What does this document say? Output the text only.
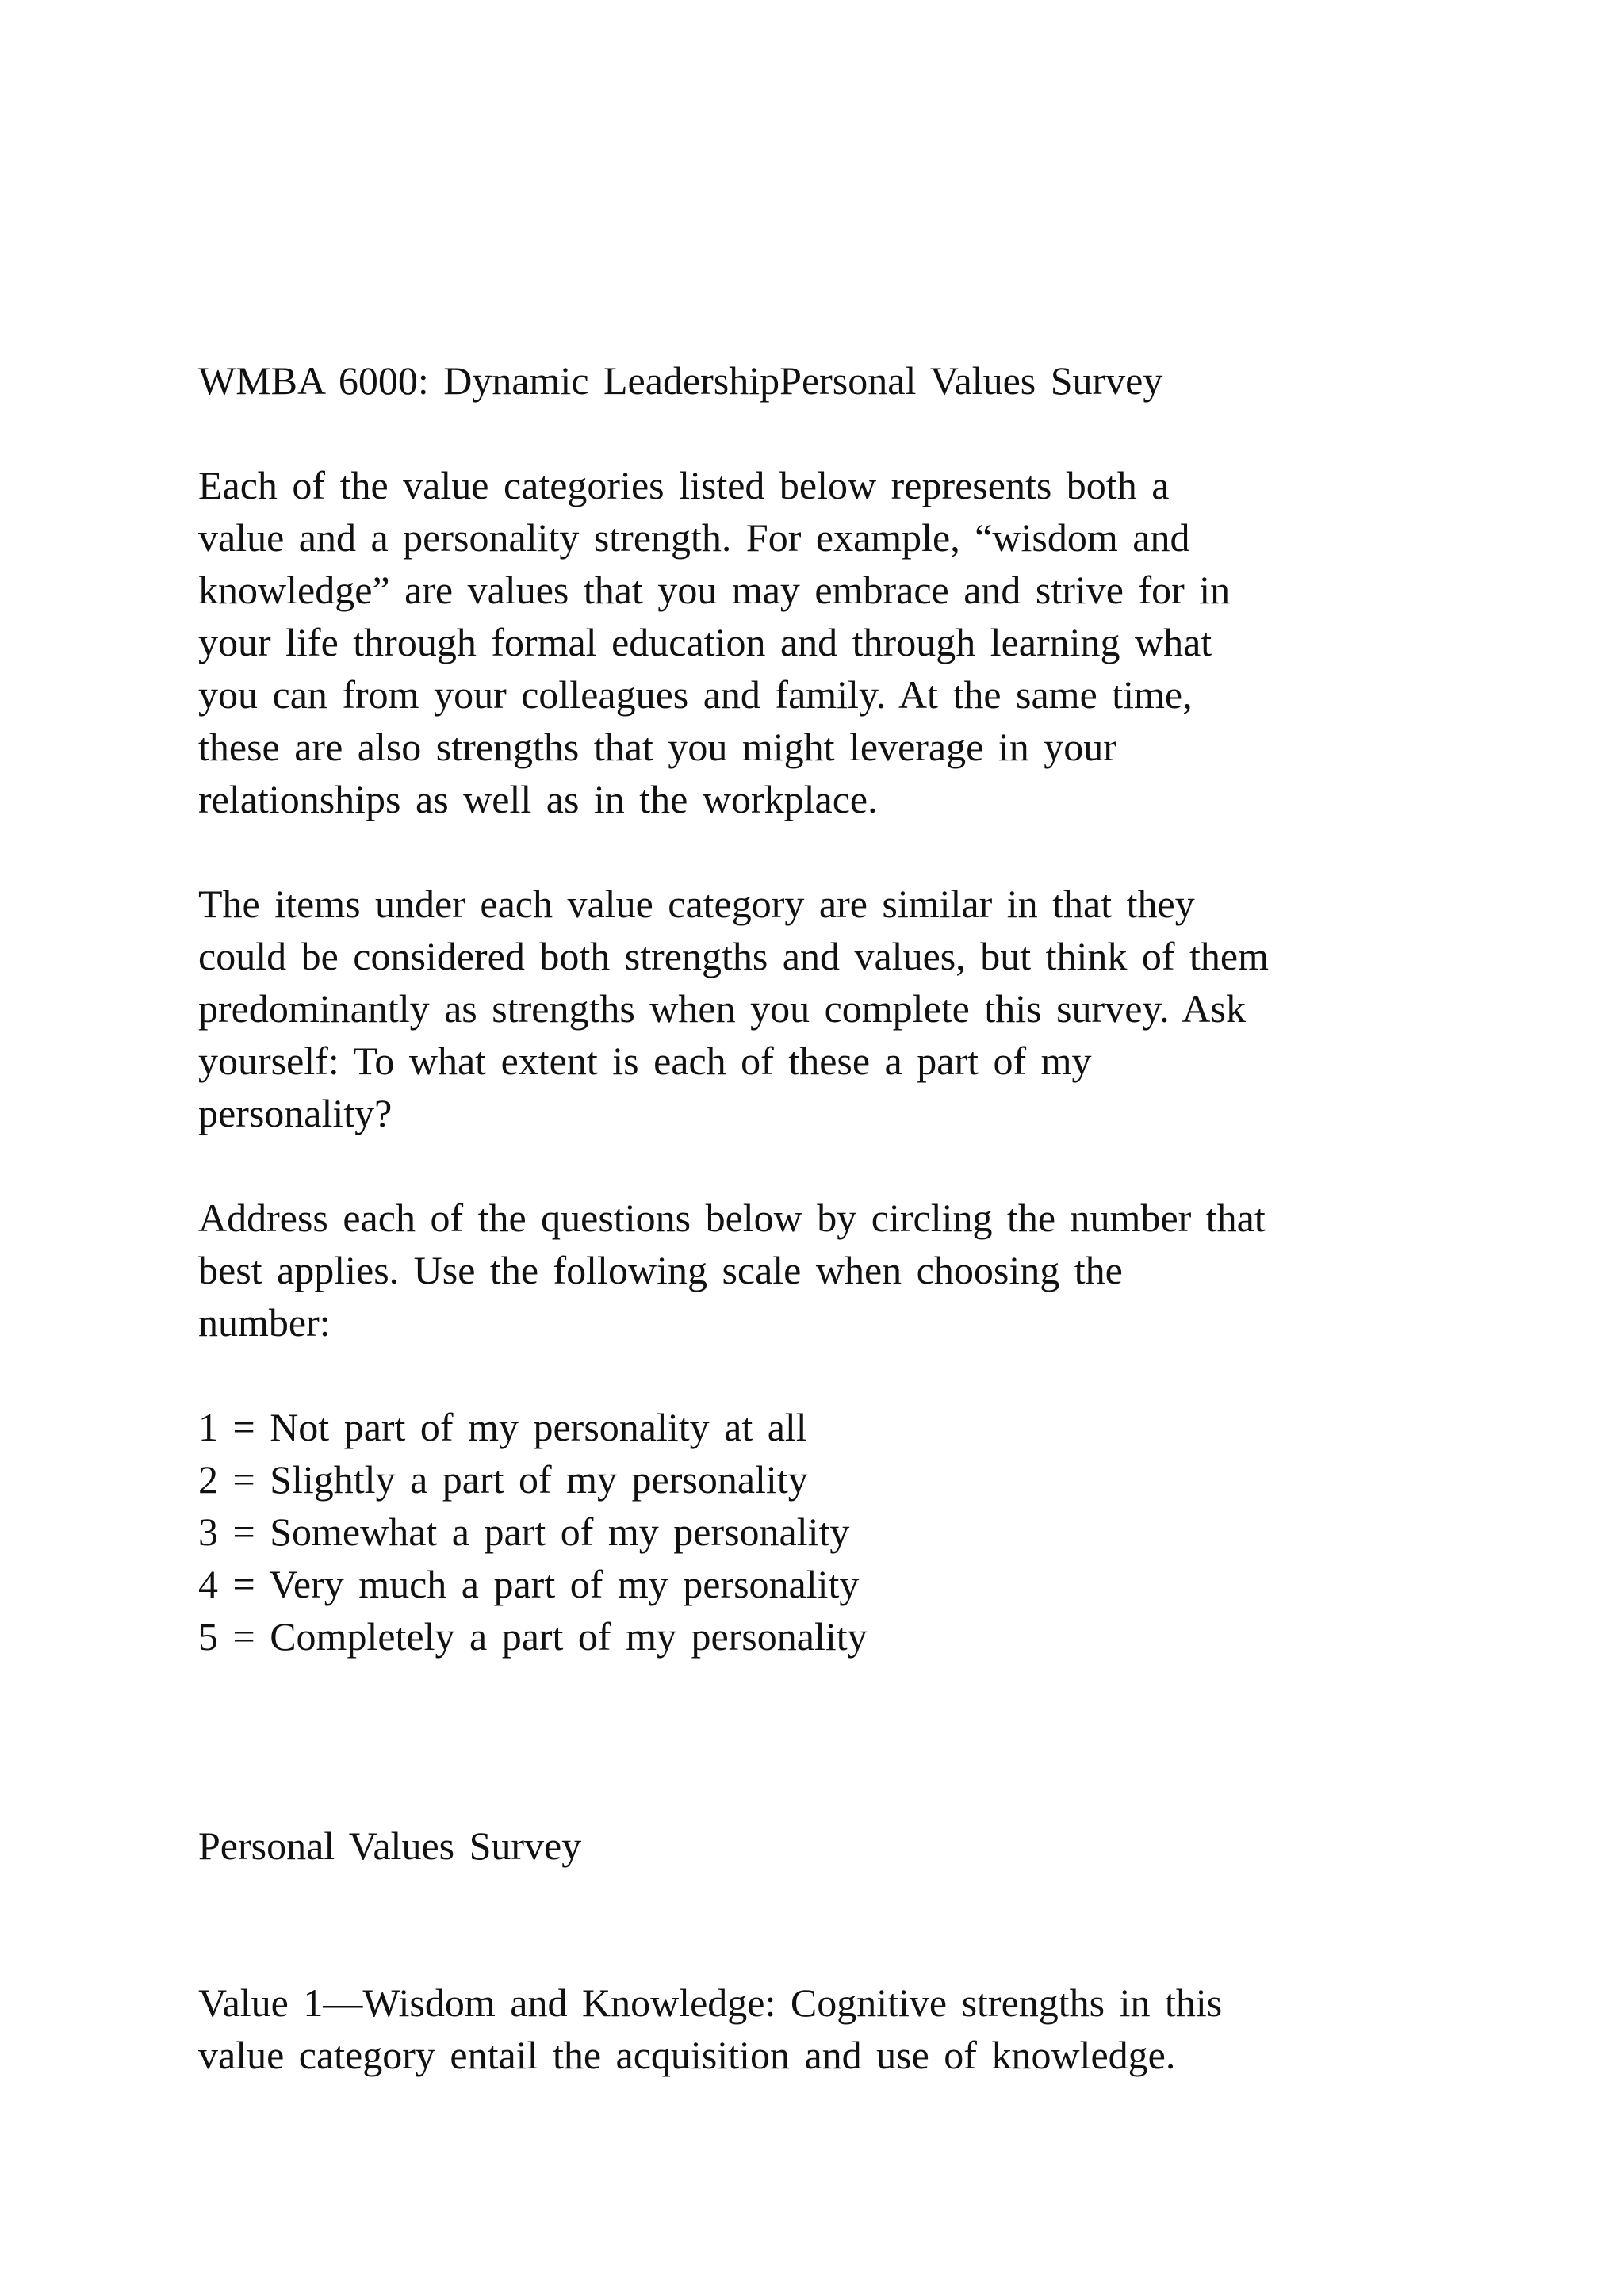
WMBA 6000: Dynamic LeadershipPersonal Values Survey
Each of the value categories listed below represents both a
value and a personality strength. For example, “wisdom and
knowledge” are values that you may embrace and strive for in
your life through formal education and through learning what
you can from your colleagues and family. At the same time,
these are also strengths that you might leverage in your
relationships as well as in the workplace.
The items under each value category are similar in that they
could be considered both strengths and values, but think of them
predominantly as strengths when you complete this survey. Ask
yourself: To what extent is each of these a part of my
personality?
Address each of the questions below by circling the number that
best applies. Use the following scale when choosing the
number:
1 = Not part of my personality at all
2 = Slightly a part of my personality
3 = Somewhat a part of my personality
4 = Very much a part of my personality
5 = Completely a part of my personality
Personal Values Survey
Value 1—Wisdom and Knowledge: Cognitive strengths in this
value category entail the acquisition and use of knowledge.
